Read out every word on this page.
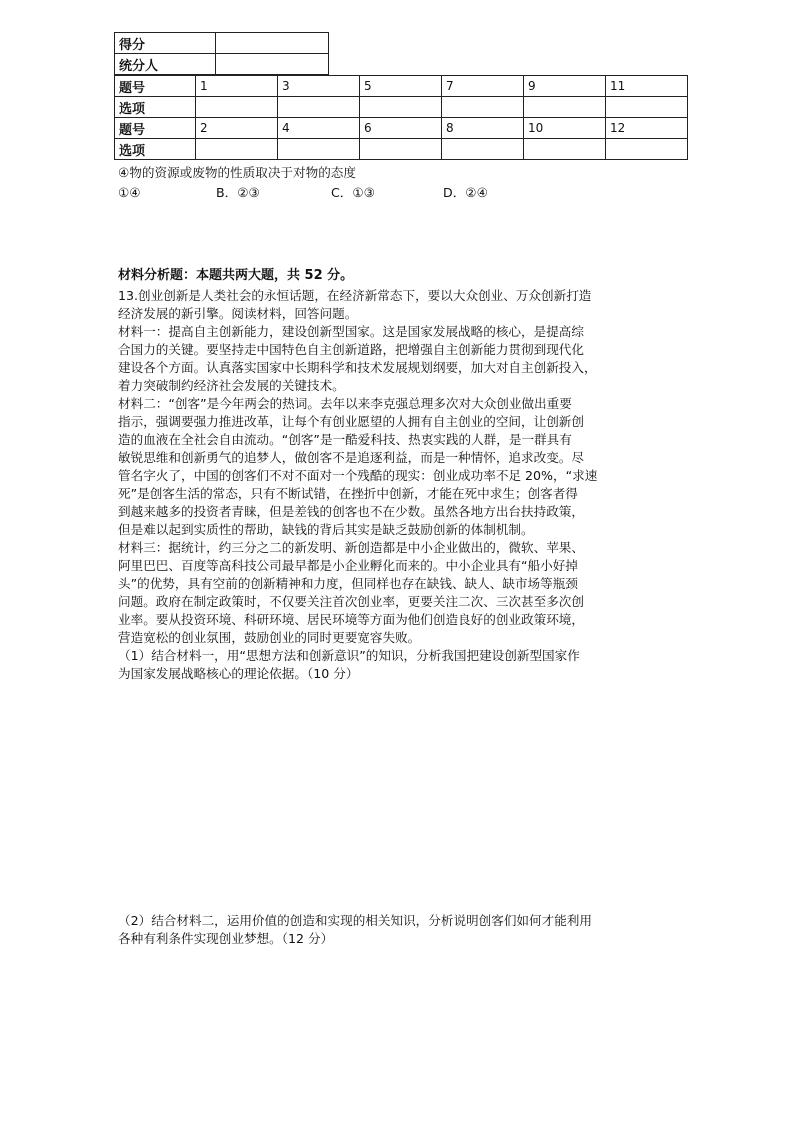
得分	
统分人	
题号	1	3	5	7	9	11
选项						
题号	2	4	6	8	10	12
选项						
④物的资源或废物的性质取决于对物的态度
①④	B．②③	C．①③	D．②④
材料分析题：本题共两大题，共 52 分。
13.创业创新是人类社会的永恒话题，在经济新常态下，要以大众创业、万众创新打造
经济发展的新引擎。阅读材料，回答问题。
材料一：提高自主创新能力，建设创新型国家。这是国家发展战略的核心，是提高综
合国力的关键。要坚持走中国特色自主创新道路，把增强自主创新能力贯彻到现代化
建设各个方面。认真落实国家中长期科学和技术发展规划纲要，加大对自主创新投入，
着力突破制约经济社会发展的关键技术。
材料二：“创客”是今年两会的热词。去年以来李克强总理多次对大众创业做出重要
指示，强调要强力推进改革，让每个有创业愿望的人拥有自主创业的空间，让创新创
造的血液在全社会自由流动。“创客”是一酷爱科技、热衷实践的人群，是一群具有
敏锐思维和创新勇气的追梦人，做创客不是追逐利益，而是一种情怀，追求改变。尽
管名字火了，中国的创客们不对不面对一个残酷的现实：创业成功率不足 20%，“求速
死”是创客生活的常态，只有不断试错，在挫折中创新，才能在死中求生；创客者得
到越来越多的投资者青睐，但是差钱的创客也不在少数。虽然各地方出台扶持政策，
但是难以起到实质性的帮助，缺钱的背后其实是缺乏鼓励创新的体制机制。
材料三：据统计，约三分之二的新发明、新创造都是中小企业做出的，微软、苹果、
阿里巴巴、百度等高科技公司最早都是小企业孵化而来的。中小企业具有“船小好掉
头”的优势，具有空前的创新精神和力度，但同样也存在缺钱、缺人、缺市场等瓶颈
问题。政府在制定政策时，不仅要关注首次创业率，更要关注二次、三次甚至多次创
业率。要从投资环境、科研环境、居民环境等方面为他们创造良好的创业政策环境，
营造宽松的创业氛围，鼓励创业的同时更要宽容失败。
（1）结合材料一，用“思想方法和创新意识”的知识，分析我国把建设创新型国家作
为国家发展战略核心的理论依据。（10 分）
（2）结合材料二，运用价值的创造和实现的相关知识，分析说明创客们如何才能利用
各种有利条件实现创业梦想。（12 分）
